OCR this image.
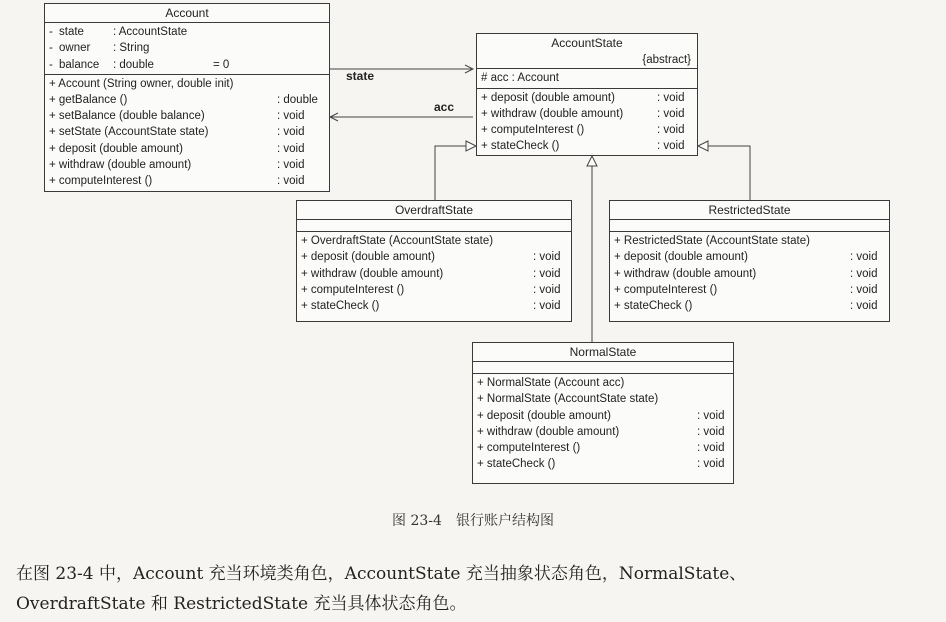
state
acc
Account
- state	: AccountState

- owner : String

- balance : double	= 0

+ Account (String owner, double init)
+ getBalance ()	: double
+ setBalance (double balance)	: void
+ setState (AccountState state)	: void
+ deposit (double amount)	: void
+ withdraw (double amount)	: void
+ computeInterest ()	: void
AccountState
{abstract}
# acc : Account
+ deposit (double amount)	: void
+ withdraw (double amount)	: void
+ computeInterest ()	: void
+ stateCheck ()	: void
OverdraftState
+ OverdraftState (AccountState state)
+ deposit (double amount)	: void
+ withdraw (double amount)	: void
+ computeInterest ()	: void
+ stateCheck ()	: void
RestrictedState
+ RestrictedState (AccountState state)
+ deposit (double amount)	: void
+ withdraw (double amount)	: void
+ computeInterest ()	: void
+ stateCheck ()	: void
NormalState
+ NormalState (Account acc)
+ NormalState (AccountState state)
+ deposit (double amount)	: void
+ withdraw (double amount)	: void
+ computeInterest ()	: void
+ stateCheck ()	: void
图 23-4　银行账户结构图
在图 23-4 中，Account 充当环境类角色，AccountState 充当抽象状态角色，NormalState、
OverdraftState 和 RestrictedState 充当具体状态角色。
